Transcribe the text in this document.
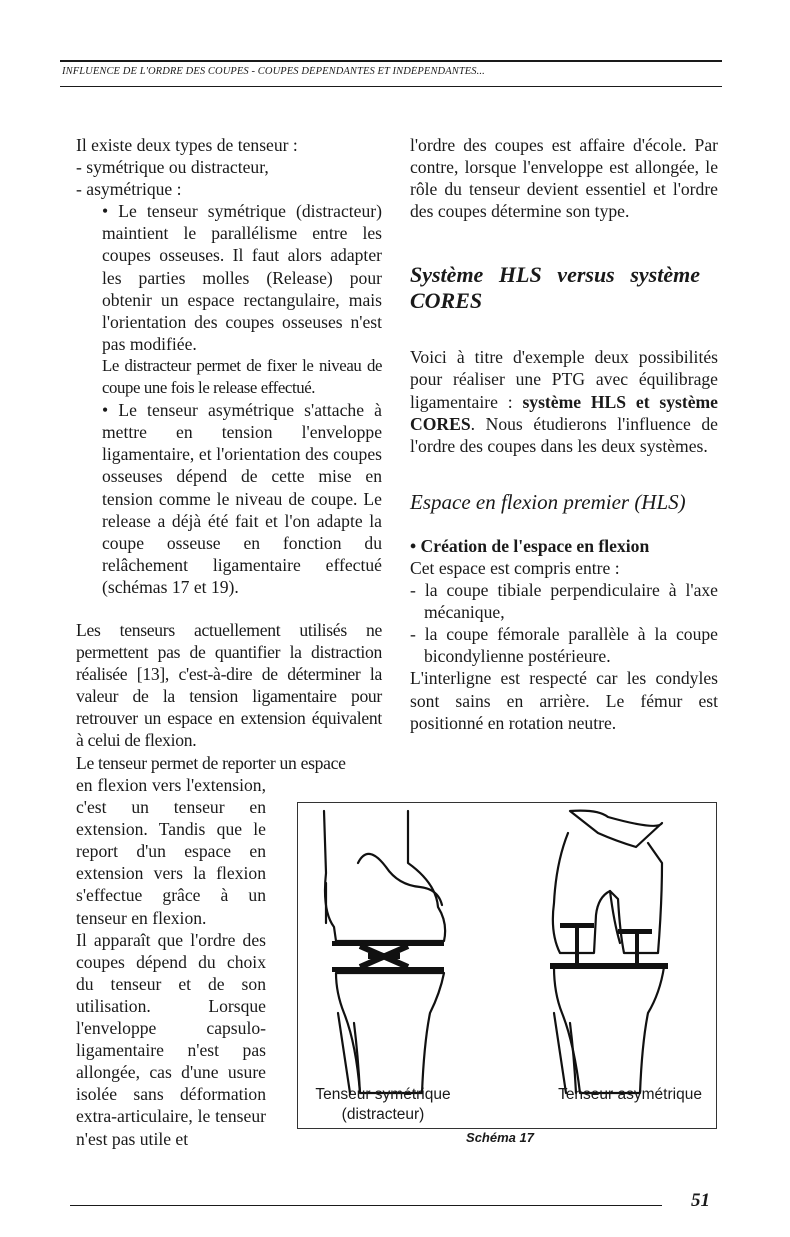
INFLUENCE DE L'ORDRE DES COUPES - COUPES DÉPENDANTES ET INDÉPENDANTES...

Il existe deux types de tenseur :

- symétrique ou distracteur,

- asymétrique :

• Le tenseur symétrique (distracteur) maintient le parallélisme entre les coupes osseuses. Il faut alors adapter les parties molles (Release) pour obtenir un espace rectangulaire, mais l'orientation des coupes osseuses n'est pas modifiée.

Le distracteur permet de fixer le niveau de coupe une fois le release effectué.

• Le tenseur asymétrique s'attache à mettre en tension l'enveloppe ligamentaire, et l'orientation des coupes osseuses dépend de cette mise en tension comme le niveau de coupe. Le release a déjà été fait et l'on adapte la coupe osseuse en fonction du relâchement ligamentaire effectué (schémas 17 et 19).

Les tenseurs actuellement utilisés ne permettent pas de quantifier la distraction réalisée [13], c'est-à-dire de déterminer la valeur de la tension ligamentaire pour retrouver un espace en extension équivalent à celui de flexion.

Le tenseur permet de reporter un espace

en flexion vers l'extension, c'est un tenseur en extension. Tandis que le report d'un espace en extension vers la flexion s'effectue grâce à un tenseur en flexion.

Il apparaît que l'ordre des coupes dépend du choix du tenseur et de son utilisation. Lorsque l'enveloppe capsulo-ligamentaire n'est pas allongée, cas d'une usure isolée sans déformation extra-articulaire, le tenseur n'est pas utile et

l'ordre des coupes est affaire d'école. Par contre, lorsque l'enveloppe est allongée, le rôle du tenseur devient essentiel et l'ordre des coupes détermine son type.

Système HLS versus système CORES

Voici à titre d'exemple deux possibilités pour réaliser une PTG avec équilibrage ligamentaire : système HLS et système CORES. Nous étudierons l'influence de l'ordre des coupes dans les deux systèmes.

Espace en flexion premier (HLS)

• Création de l'espace en flexion

Cet espace est compris entre :

- la coupe tibiale perpendiculaire à l'axe mécanique,

- la coupe fémorale parallèle à la coupe bicondylienne postérieure.

L'interligne est respecté car les condyles sont sains en arrière. Le fémur est positionné en rotation neutre.

Tenseur symétrique
(distracteur)
Tenseur asymétrique
Schéma 17
51
